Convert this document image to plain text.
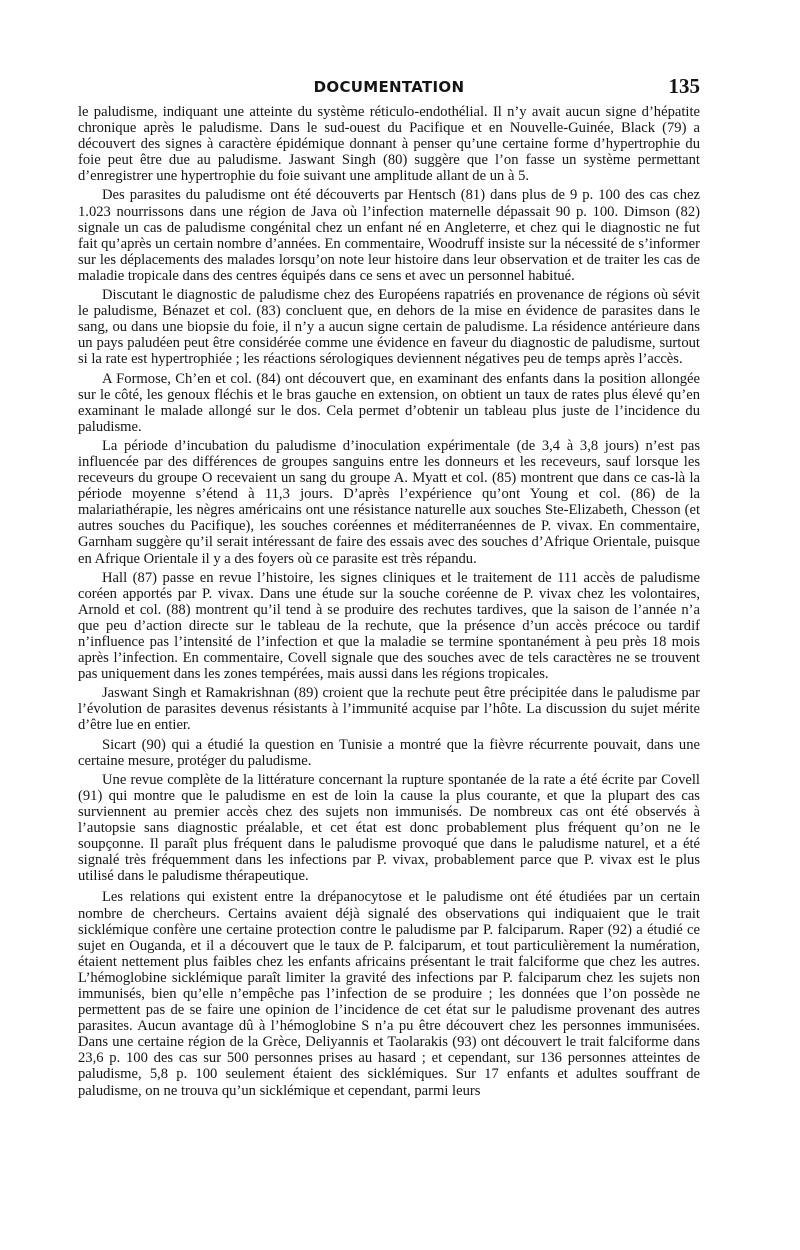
DOCUMENTATION	135

le paludisme, indiquant une atteinte du système réticulo-endothélial. Il n’y avait aucun signe d’hépatite chronique après le paludisme. Dans le sud-ouest du Pacifique et en Nouvelle-Guinée, Black (79) a découvert des signes à caractère épidémique donnant à penser qu’une certaine forme d’hypertrophie du foie peut être due au paludisme. Jaswant Singh (80) suggère que l’on fasse un système permettant d’enregistrer une hypertrophie du foie suivant une amplitude allant de un à 5.

Des parasites du paludisme ont été découverts par Hentsch (81) dans plus de 9 p. 100 des cas chez 1.023 nourrissons dans une région de Java où l’infection maternelle dépassait 90 p. 100. Dimson (82) signale un cas de paludisme congénital chez un enfant né en Angleterre, et chez qui le diagnostic ne fut fait qu’après un certain nombre d’années. En commentaire, Woodruff insiste sur la nécessité de s’informer sur les déplacements des malades lorsqu’on note leur histoire dans leur observation et de traiter les cas de maladie tropicale dans des centres équipés dans ce sens et avec un personnel habitué.

Discutant le diagnostic de paludisme chez des Européens rapatriés en provenance de régions où sévit le paludisme, Bénazet et col. (83) concluent que, en dehors de la mise en évidence de parasites dans le sang, ou dans une biopsie du foie, il n’y a aucun signe certain de paludisme. La résidence antérieure dans un pays paludéen peut être considérée comme une évidence en faveur du diagnostic de paludisme, surtout si la rate est hypertrophiée ; les réactions sérologiques deviennent négatives peu de temps après l’accès.

A Formose, Ch’en et col. (84) ont découvert que, en examinant des enfants dans la position allongée sur le côté, les genoux fléchis et le bras gauche en extension, on obtient un taux de rates plus élevé qu’en examinant le malade allongé sur le dos. Cela permet d’obtenir un tableau plus juste de l’incidence du paludisme.

La période d’incubation du paludisme d’inoculation expérimentale (de 3,4 à 3,8 jours) n’est pas influencée par des différences de groupes sanguins entre les donneurs et les receveurs, sauf lorsque les receveurs du groupe O recevaient un sang du groupe A. Myatt et col. (85) montrent que dans ce cas-là la période moyenne s’étend à 11,3 jours. D’après l’expérience qu’ont Young et col. (86) de la malariathérapie, les nègres américains ont une résistance naturelle aux souches Ste-Elizabeth, Chesson (et autres souches du Pacifique), les souches coréennes et méditerranéennes de P. vivax. En commentaire, Garnham suggère qu’il serait intéressant de faire des essais avec des souches d’Afrique Orientale, puisque en Afrique Orientale il y a des foyers où ce parasite est très répandu.

Hall (87) passe en revue l’histoire, les signes cliniques et le traitement de 111 accès de paludisme coréen apportés par P. vivax. Dans une étude sur la souche coréenne de P. vivax chez les volontaires, Arnold et col. (88) montrent qu’il tend à se produire des rechutes tardives, que la saison de l’année n’a que peu d’action directe sur le tableau de la rechute, que la présence d’un accès précoce ou tardif n’influence pas l’intensité de l’infection et que la maladie se termine spontanément à peu près 18 mois après l’infection. En commentaire, Covell signale que des souches avec de tels caractères ne se trouvent pas uniquement dans les zones tempérées, mais aussi dans les régions tropicales.

Jaswant Singh et Ramakrishnan (89) croient que la rechute peut être précipitée dans le paludisme par l’évolution de parasites devenus résistants à l’immunité acquise par l’hôte. La discussion du sujet mérite d’être lue en entier.

Sicart (90) qui a étudié la question en Tunisie a montré que la fièvre récurrente pouvait, dans une certaine mesure, protéger du paludisme.

Une revue complète de la littérature concernant la rupture spontanée de la rate a été écrite par Covell (91) qui montre que le paludisme en est de loin la cause la plus courante, et que la plupart des cas surviennent au premier accès chez des sujets non immunisés. De nombreux cas ont été observés à l’autopsie sans diagnostic préalable, et cet état est donc probablement plus fréquent qu’on ne le soupçonne. Il paraît plus fréquent dans le paludisme provoqué que dans le paludisme naturel, et a été signalé très fréquemment dans les infections par P. vivax, probablement parce que P. vivax est le plus utilisé dans le paludisme thérapeutique.

Les relations qui existent entre la drépanocytose et le paludisme ont été étudiées par un certain nombre de chercheurs. Certains avaient déjà signalé des observations qui indiquaient que le trait sicklémique confère une certaine protection contre le paludisme par P. falciparum. Raper (92) a étudié ce sujet en Ouganda, et il a découvert que le taux de P. falciparum, et tout particulièrement la numération, étaient nettement plus faibles chez les enfants africains présentant le trait falciforme que chez les autres. L’hémoglobine sicklémique paraît limiter la gravité des infections par P. falciparum chez les sujets non immunisés, bien qu’elle n’empêche pas l’infection de se produire ; les données que l’on possède ne permettent pas de se faire une opinion de l’incidence de cet état sur le paludisme provenant des autres parasites. Aucun avantage dû à l’hémoglobine S n’a pu être découvert chez les personnes immunisées. Dans une certaine région de la Grèce, Deliyannis et Taolarakis (93) ont découvert le trait falciforme dans 23,6 p. 100 des cas sur 500 personnes prises au hasard ; et cependant, sur 136 personnes atteintes de paludisme, 5,8 p. 100 seulement étaient des sicklémiques. Sur 17 enfants et adultes souffrant de paludisme, on ne trouva qu’un sicklémique et cependant, parmi leurs
